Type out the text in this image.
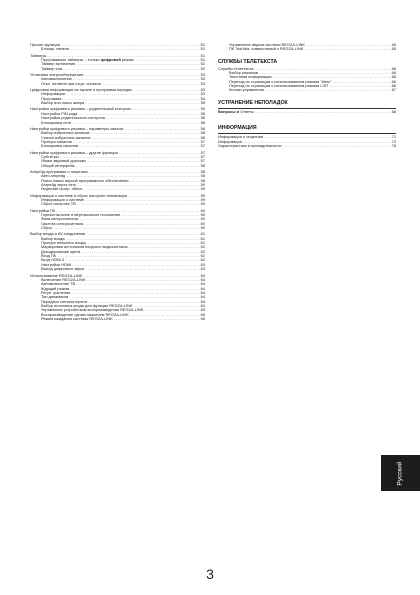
Прочие функции .....	51
Блокир. панели .....	51
Таймеры .....	51
Программные таймеры – только цифровой режим .....	51
Таймер включения .....	52
Таймер сна .....	52
Установки энергосбережения .....	53
Автовыключение .....	53
Откл. питания при отсут. сигнала .....	53
Цифровая информация на экране и программа передач .....	53
Информация .....	53
Программа .....	54
Выбор или поиск жанра .....	55
Настройки цифрового режима – родительский контроль .....	55
Настройка PIN-кода .....	55
Настройка родительского контроля .....	56
Блокировка сети .....	56
Настройки цифрового режима – параметры канала .....	56
Выбор избранных каналов .....	56
Списки избранных каналов .....	56
Пропуск каналов .....	57
Блокировка каналов .....	57
Настройки цифрового режима – другие функции .....	57
Субтитры .....	57
Языки звуковой дорожки .....	57
Общий интерфейс .....	58
Апгрейд программы и лицензии .....	58
Авто апгрейд .....	58
Поиск новых версий программного обеспечения .....	58
Апгрейд через сеть .....	59
Лицензии прогр. обесп. .....	59
Информация о системе и сброс настроек телевизора .....	59
Информация о системе .....	59
Сброс настроек ТВ .....	59
Настройки ПК .....	60
Горизонтальное и вертикальное положение .....	60
Фаза синхросигнала .....	60
Частота синхросигнала .....	60
Сброс .....	60
Выбор входа и AV-соединения .....	61
Выбор входа .....	61
Пропуск внешнего входа .....	61
Маркировка источников входного видеосигнала .....	62
Декодирование цвета .....	62
Вход ПК .....	62
Вход HDMI 3 .....	62
Настройки HDMI .....	63
Выход цифрового звука .....	63
Использование REGZA-LINK .....	64
Включение REGZA-LINK .....	64
Автовключение ТВ .....	64
Ждущий режим .....	64
Регул. усиления .....	64
Тип динамиков .....	64
Передача сигнала пульта .....	64
Выбор источника входа для функции REGZA-LINK .....	64
Управление устройством воспроизведения REGZA-LINK .....	65
Воспроизведение одним нажатием REGZA-LINK .....	65
Режим ожидания системы REGZA-LINK .....	65
Управление звуком системы REGZA-LINK .....	65
ПК TosHiba, совместимый с REGZA-LINK .....	65
СЛУЖБЫ ТЕЛЕТЕКСТА
Службы телетекста .....	66
Выбор режимов .....	66
Текстовая информация .....	66
Переход по страницам с использованием режима "Авто" .....	66
Переход по страницам с использованием режима LIST .....	66
Кнопки управления .....	67
УСТРАНЕНИЕ НЕПОЛАДОК
Вопросы и Ответы .....	68
ИНФОРМАЦИЯ
Информация о лицензии .....	71
Информация .....	73
Характеристики и принадлежности .....	78
Русский
3
